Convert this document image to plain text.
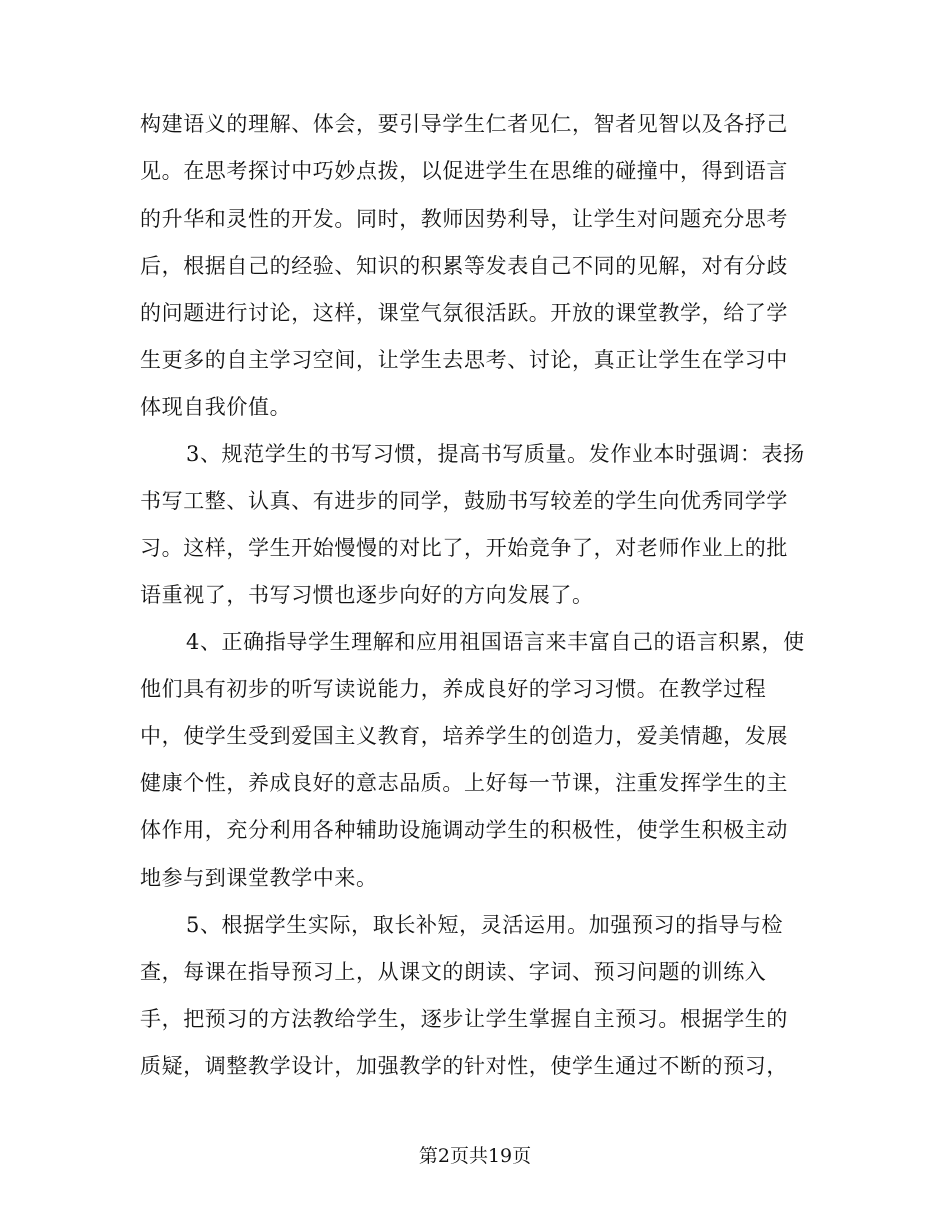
构建语义的理解、体会，要引导学生仁者见仁，智者见智以及各抒己
见。在思考探讨中巧妙点拨，以促进学生在思维的碰撞中，得到语言
的升华和灵性的开发。同时，教师因势利导，让学生对问题充分思考
后，根据自己的经验、知识的积累等发表自己不同的见解，对有分歧
的问题进行讨论，这样，课堂气氛很活跃。开放的课堂教学，给了学
生更多的自主学习空间，让学生去思考、讨论，真正让学生在学习中
体现自我价值。
3、规范学生的书写习惯，提高书写质量。发作业本时强调：表扬
书写工整、认真、有进步的同学，鼓励书写较差的学生向优秀同学学
习。这样，学生开始慢慢的对比了，开始竞争了，对老师作业上的批
语重视了，书写习惯也逐步向好的方向发展了。
4、正确指导学生理解和应用祖国语言来丰富自己的语言积累，使
他们具有初步的听写读说能力，养成良好的学习习惯。在教学过程
中，使学生受到爱国主义教育，培养学生的创造力，爱美情趣，发展
健康个性，养成良好的意志品质。上好每一节课，注重发挥学生的主
体作用，充分利用各种辅助设施调动学生的积极性，使学生积极主动
地参与到课堂教学中来。
5、根据学生实际，取长补短，灵活运用。加强预习的指导与检
查，每课在指导预习上，从课文的朗读、字词、预习问题的训练入
手，把预习的方法教给学生，逐步让学生掌握自主预习。根据学生的
质疑，调整教学设计，加强教学的针对性，使学生通过不断的预习，
第2页共19页
